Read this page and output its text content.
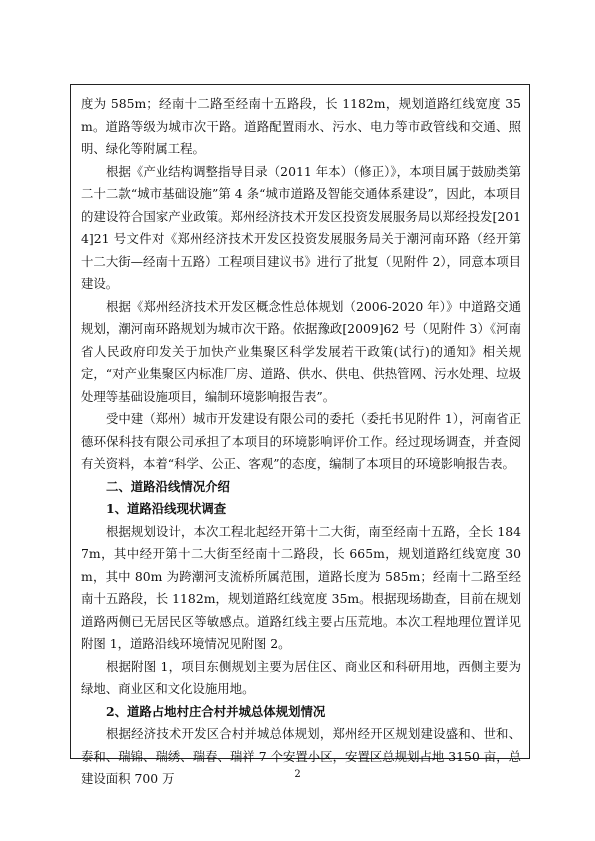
度为 585m；经南十二路至经南十五路段，长 1182m，规划道路红线宽度 35m。道路等级为城市次干路。道路配置雨水、污水、电力等市政管线和交通、照明、绿化等附属工程。

根据《产业结构调整指导目录（2011 年本）（修正）》，本项目属于鼓励类第二十二款“城市基础设施”第 4 条“城市道路及智能交通体系建设”，因此，本项目的建设符合国家产业政策。郑州经济技术开发区投资发展服务局以郑经投发[2014]21 号文件对《郑州经济技术开发区投资发展服务局关于潮河南环路（经开第十二大街—经南十五路）工程项目建议书》进行了批复（见附件 2），同意本项目建设。

根据《郑州经济技术开发区概念性总体规划（2006-2020 年）》中道路交通规划，潮河南环路规划为城市次干路。依据豫政[2009]62 号（见附件 3）《河南省人民政府印发关于加快产业集聚区科学发展若干政策(试行)的通知》相关规定，“对产业集聚区内标准厂房、道路、供水、供电、供热管网、污水处理、垃圾处理等基础设施项目，编制环境影响报告表”。

受中建（郑州）城市开发建设有限公司的委托（委托书见附件 1），河南省正德环保科技有限公司承担了本项目的环境影响评价工作。经过现场调查，并查阅有关资料，本着“科学、公正、客观”的态度，编制了本项目的环境影响报告表。

二、道路沿线情况介绍

1、道路沿线现状调查

根据规划设计，本次工程北起经开第十二大街，南至经南十五路，全长 1847m，其中经开第十二大街至经南十二路段，长 665m，规划道路红线宽度 30m，其中 80m 为跨潮河支流桥所属范围，道路长度为 585m；经南十二路至经南十五路段，长 1182m，规划道路红线宽度 35m。根据现场勘查，目前在规划道路两侧已无居民区等敏感点。道路红线主要占压荒地。本次工程地理位置详见附图 1，道路沿线环境情况见附图 2。

根据附图 1，项目东侧规划主要为居住区、商业区和科研用地，西侧主要为绿地、商业区和文化设施用地。

2、道路占地村庄合村并城总体规划情况

根据经济技术开发区合村并城总体规划，郑州经开区规划建设盛和、世和、泰和、瑞锦、瑞绣、瑞春、瑞祥 7 个安置小区，安置区总规划占地 3150 亩，总建设面积 700 万	2
